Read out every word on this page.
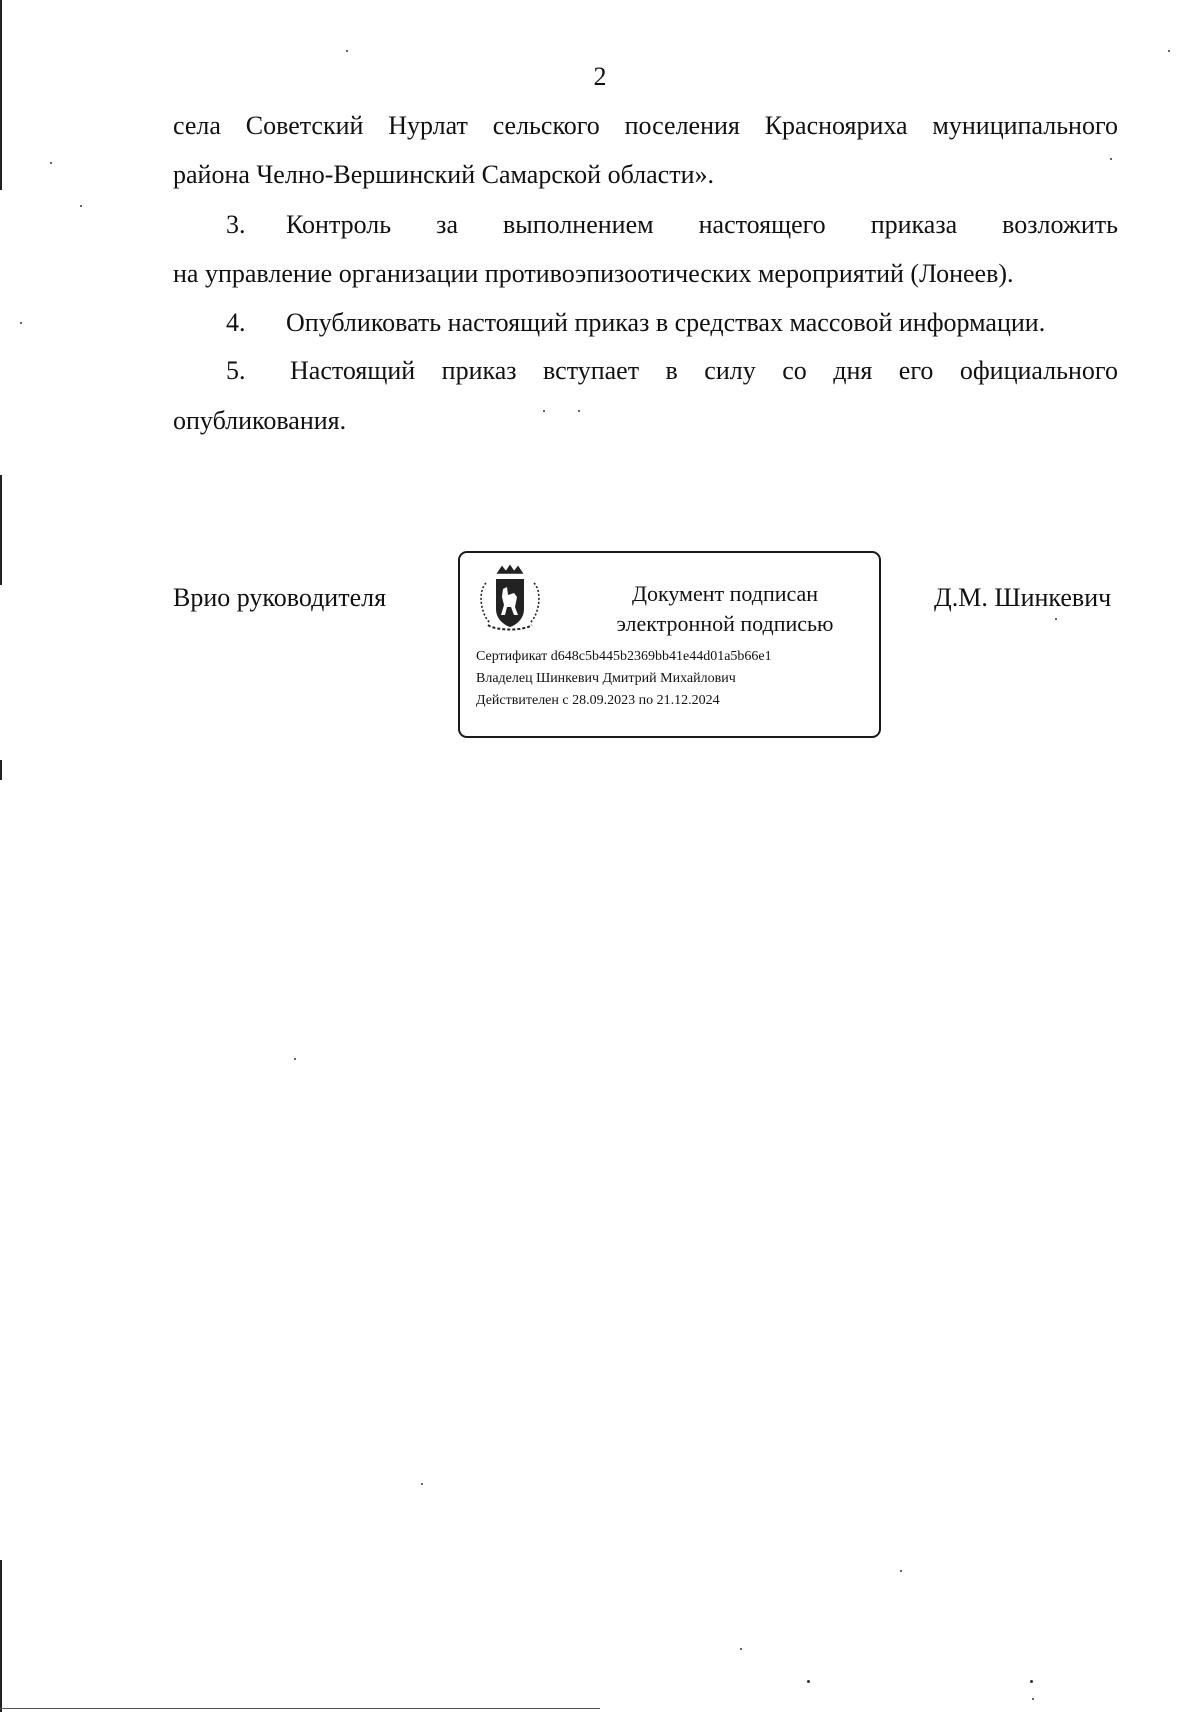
2
села Советский Нурлат сельского поселения Краснояриха муниципального
района Челно-Вершинский Самарской области».
3. Контроль за выполнением настоящего приказа возложить
на управление организации противоэпизоотических мероприятий (Лонеев).
4. Опубликовать настоящий приказ в средствах массовой информации.
5. Настоящий приказ вступает в силу со дня его официального
опубликования.
Врио руководителя	Документ подписан
электронной подписью
Сертификат d648c5b445b2369bb41e44d01a5b66e1
Владелец Шинкевич Дмитрий Михайлович
Действителен с 28.09.2023 по 21.12.2024
Д.М. Шинкевич
